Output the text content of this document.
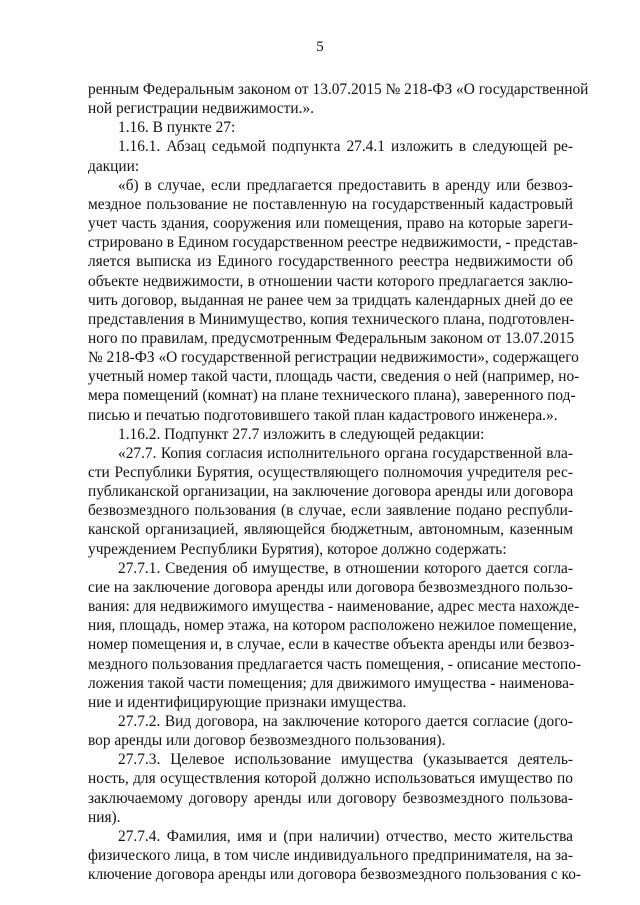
5
ренным Федеральным законом от 13.07.2015 № 218-ФЗ «О государственной
ной регистрации недвижимости.».
1.16. В пункте 27:
1.16.1. Абзац седьмой подпункта 27.4.1 изложить в следующей ре-
дакции:
«б) в случае, если предлагается предоставить в аренду или безвоз-
мездное пользование не поставленную на государственный кадастровый
учет часть здания, сооружения или помещения, право на которые зареги-
стрировано в Едином государственном реестре недвижимости, - представ-
ляется выписка из Единого государственного реестра недвижимости об
объекте недвижимости, в отношении части которого предлагается заклю-
чить договор, выданная не ранее чем за тридцать календарных дней до ее
представления в Минимущество, копия технического плана, подготовлен-
ного по правилам, предусмотренным Федеральным законом от 13.07.2015
№ 218-ФЗ «О государственной регистрации недвижимости», содержащего
учетный номер такой части, площадь части, сведения о ней (например, но-
мера помещений (комнат) на плане технического плана), заверенного под-
писью и печатью подготовившего такой план кадастрового инженера.».
1.16.2. Подпункт 27.7 изложить в следующей редакции:
«27.7. Копия согласия исполнительного органа государственной вла-
сти Республики Бурятия, осуществляющего полномочия учредителя рес-
публиканской организации, на заключение договора аренды или договора
безвозмездного пользования (в случае, если заявление подано республи-
канской организацией, являющейся бюджетным, автономным, казенным
учреждением Республики Бурятия), которое должно содержать:
27.7.1. Сведения об имуществе, в отношении которого дается согла-
сие на заключение договора аренды или договора безвозмездного пользо-
вания: для недвижимого имущества - наименование, адрес места нахожде-
ния, площадь, номер этажа, на котором расположено нежилое помещение,
номер помещения и, в случае, если в качестве объекта аренды или безвоз-
мездного пользования предлагается часть помещения, - описание местопо-
ложения такой части помещения; для движимого имущества - наименова-
ние и идентифицирующие признаки имущества.
27.7.2. Вид договора, на заключение которого дается согласие (дого-
вор аренды или договор безвозмездного пользования).
27.7.3. Целевое использование имущества (указывается деятель-
ность, для осуществления которой должно использоваться имущество по
заключаемому договору аренды или договору безвозмездного пользова-
ния).
27.7.4. Фамилия, имя и (при наличии) отчество, место жительства
физического лица, в том числе индивидуального предпринимателя, на за-
ключение договора аренды или договора безвозмездного пользования с ко-
